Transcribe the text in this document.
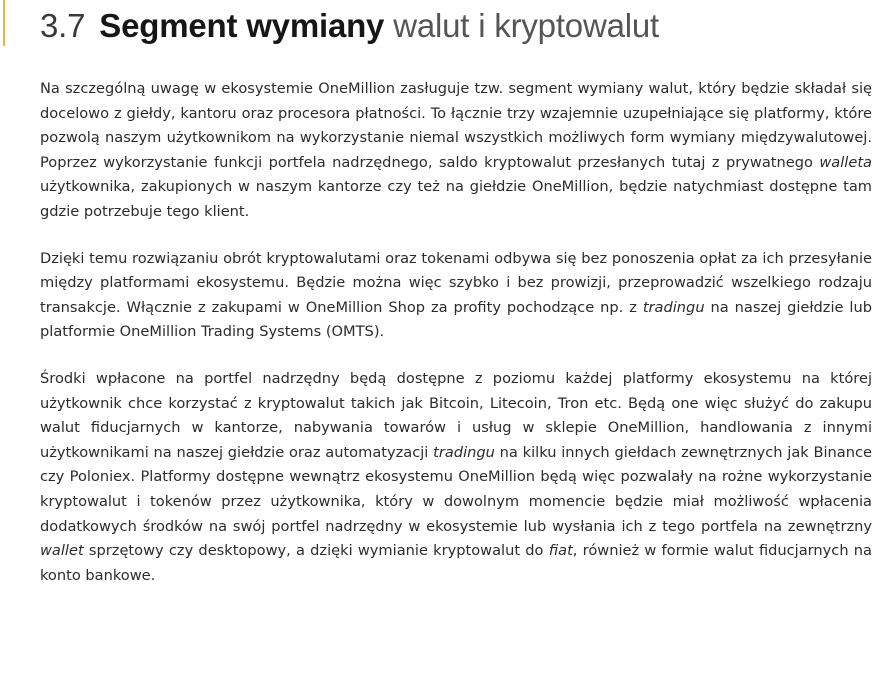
3.7 Segment wymiany walut i kryptowalut

Na szczególną uwagę w ekosystemie OneMillion zasługuje tzw. segment wymiany walut, który będzie składał się docelowo z giełdy, kantoru oraz procesora płatności. To łącznie trzy wzajemnie uzupełniające się platformy, które pozwolą naszym użytkownikom na wykorzystanie niemal wszystkich możliwych form wymiany międzywalutowej. Poprzez wykorzystanie funkcji portfela nadrzędnego, saldo kryptowalut przesłanych tutaj z prywatnego walleta użytkownika, zakupionych w naszym kantorze czy też na giełdzie OneMillion, będzie natychmiast dostępne tam gdzie potrzebuje tego klient.

Dzięki temu rozwiązaniu obrót kryptowalutami oraz tokenami odbywa się bez ponoszenia opłat za ich przesyłanie między platformami ekosystemu. Będzie można więc szybko i bez prowizji, przeprowadzić wszelkiego rodzaju transakcje. Włącznie z zakupami w OneMillion Shop za profity pochodzące np. z tradingu na naszej giełdzie lub platformie OneMillion Trading Systems (OMTS).

Środki wpłacone na portfel nadrzędny będą dostępne z poziomu każdej platformy ekosystemu na której użytkownik chce korzystać z kryptowalut takich jak Bitcoin, Litecoin, Tron etc. Będą one więc służyć do zakupu walut fiducjarnych w kantorze, nabywania towarów i usług w sklepie OneMillion, handlowania z innymi użytkownikami na naszej giełdzie oraz automatyzacji tradingu na kilku innych giełdach zewnętrznych jak Binance czy Poloniex. Platformy dostępne wewnątrz ekosystemu OneMillion będą więc pozwalały na rożne wykorzystanie kryptowalut i tokenów przez użytkownika, który w dowolnym momencie będzie miał możliwość wpłacenia dodatkowych środków na swój portfel nadrzędny w ekosystemie lub wysłania ich z tego portfela na zewnętrzny wallet sprzętowy czy desktopowy, a dzięki wymianie kryptowalut do fiat, również w formie walut fiducjarnych na konto bankowe.
